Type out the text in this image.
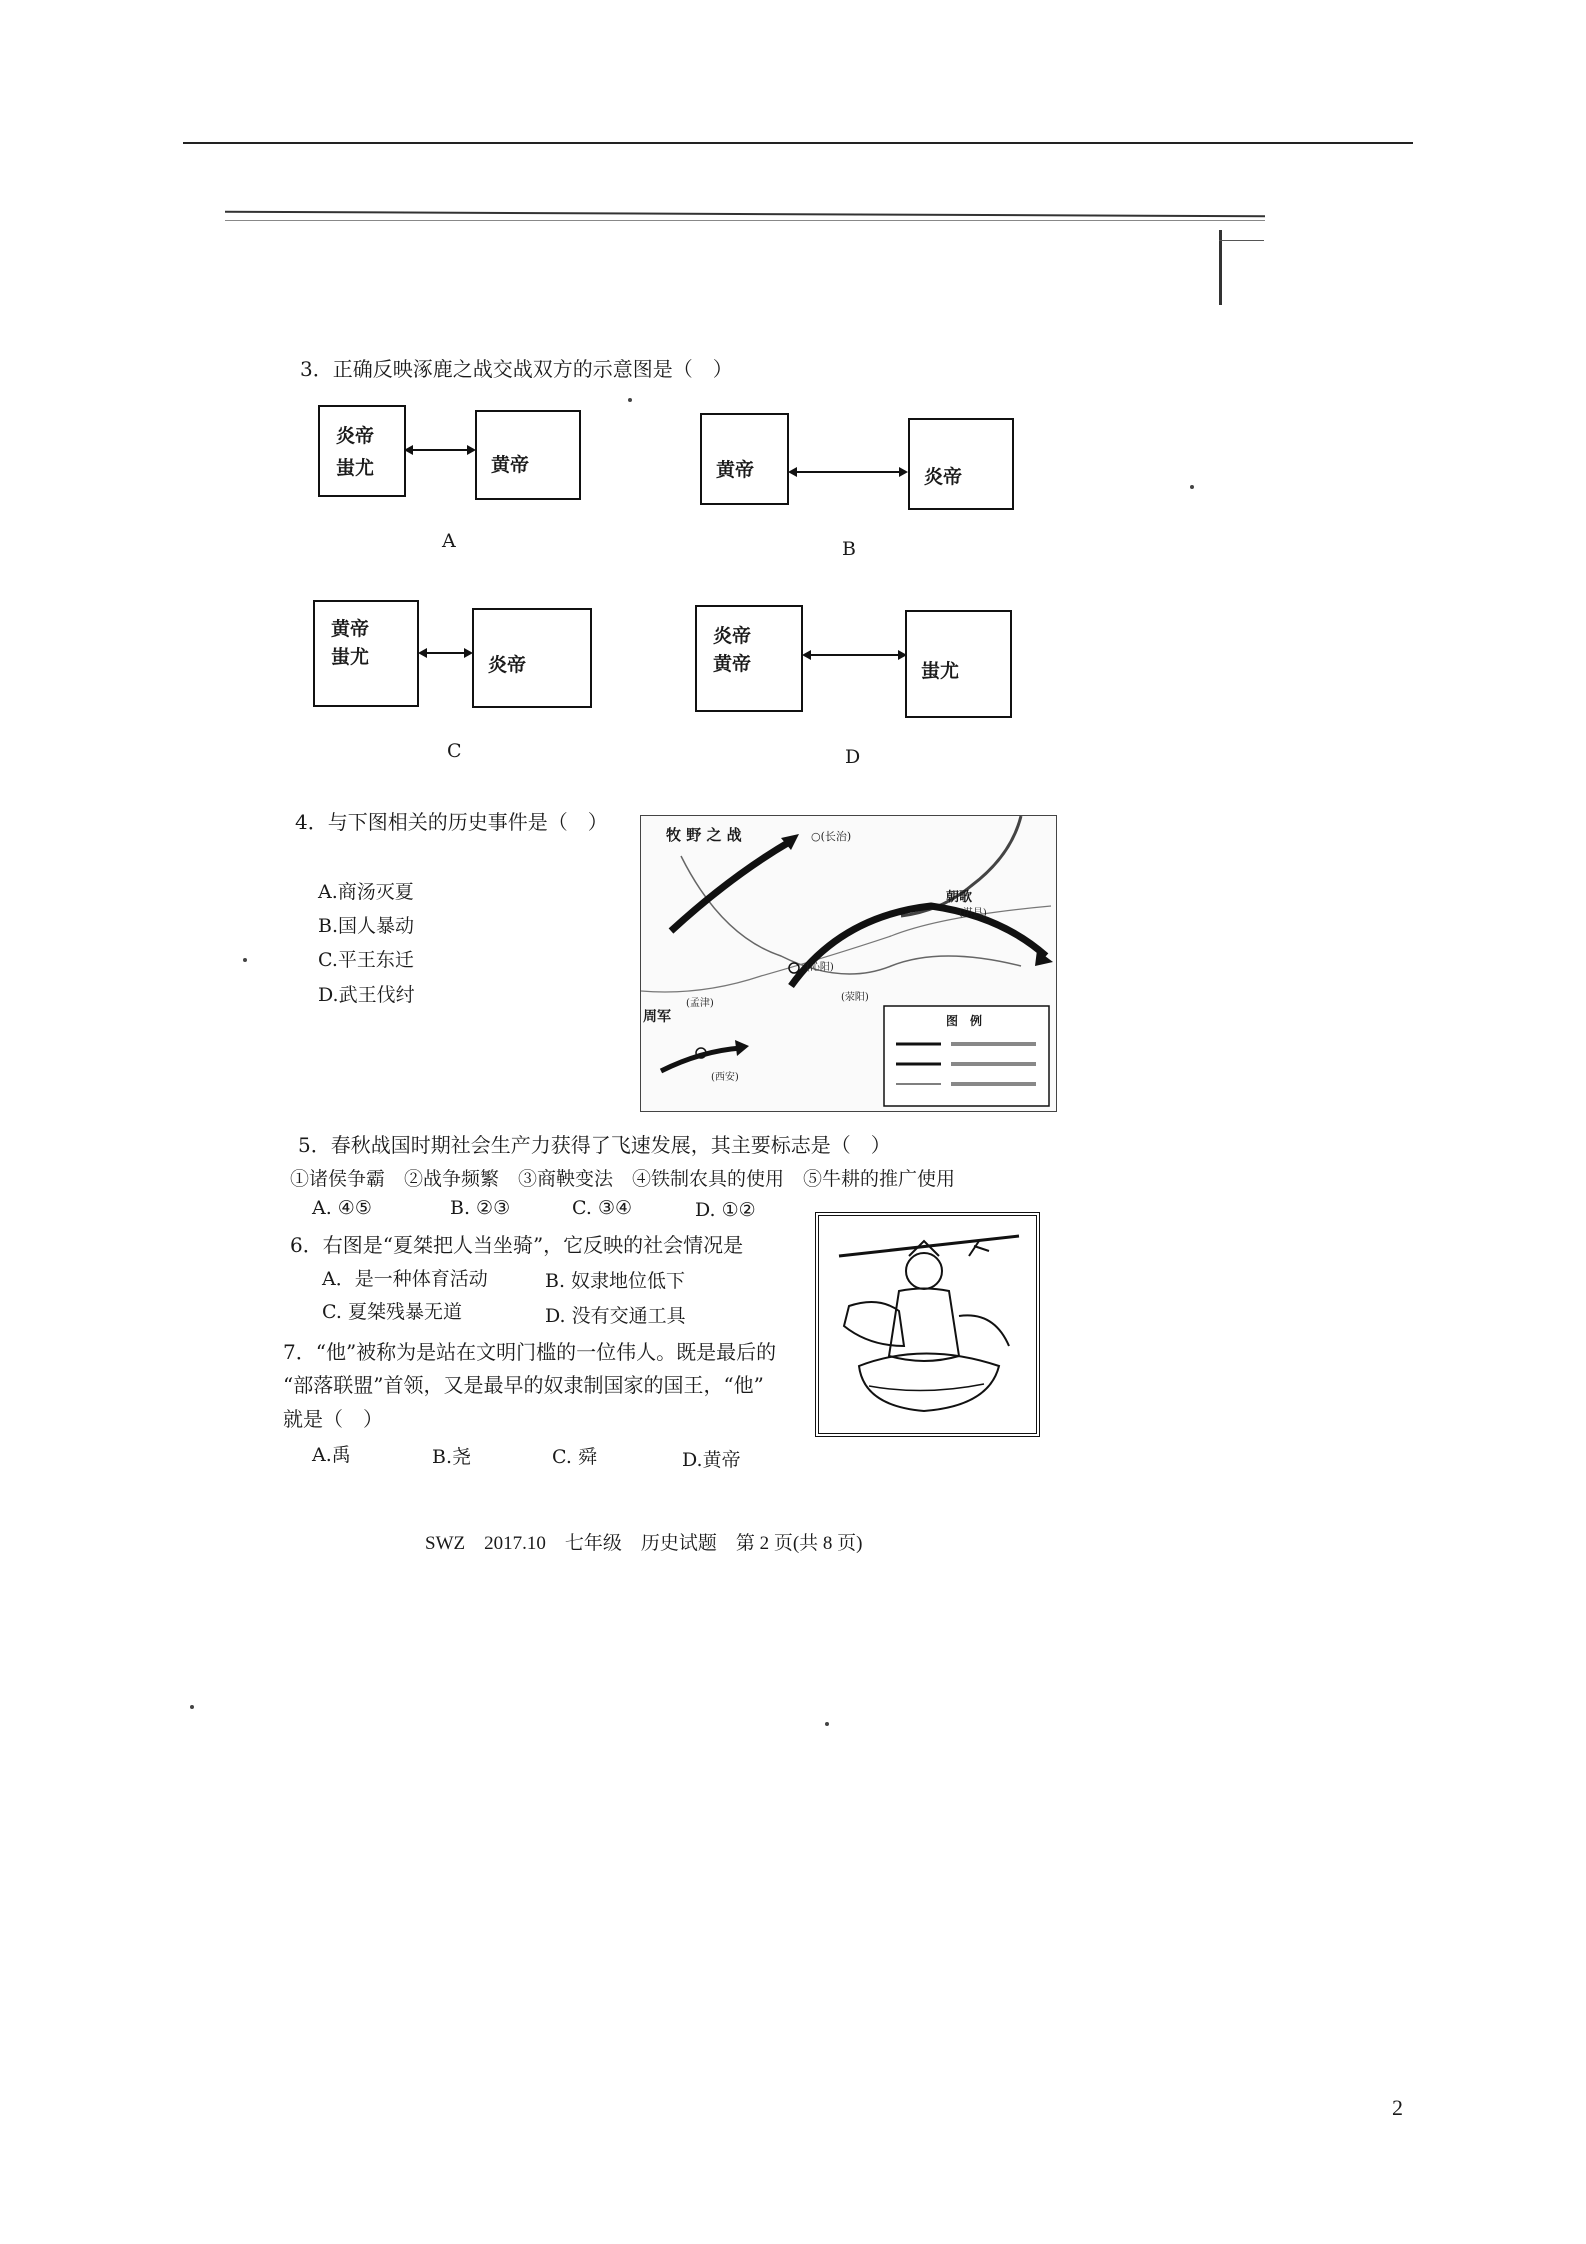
3．正确反映涿鹿之战交战双方的示意图是（　）
炎帝
蚩尤	黄帝
A
黄帝	炎帝
B
黄帝
蚩尤	炎帝
C
炎帝
黄帝	蚩尤
D
4．与下图相关的历史事件是（　）
A.商汤灭夏
B.国人暴动
C.平王东迁
D.武王伐纣
牧 野 之 战	○(长治)
朝歌
(淇县)
(沁阳)
(荥阳)
(孟津)
周军
(西安)
图　例
5．春秋战国时期社会生产力获得了飞速发展，其主要标志是（　）
①诸侯争霸　②战争频繁　③商鞅变法　④铁制农具的使用　⑤牛耕的推广使用
A. ④⑤	B. ②③	C. ③④	D. ①②
6．右图是“夏桀把人当坐骑”，它反映的社会情况是
A．是一种体育活动	B. 奴隶地位低下
C. 夏桀残暴无道	D. 没有交通工具
7．“他”被称为是站在文明门槛的一位伟人。既是最后的
“部落联盟”首领，又是最早的奴隶制国家的国王，“他”
就是（　）
A.禹	B.尧	C. 舜	D.黄帝
SWZ　2017.10　七年级　历史试题　第 2 页(共 8 页)
2
